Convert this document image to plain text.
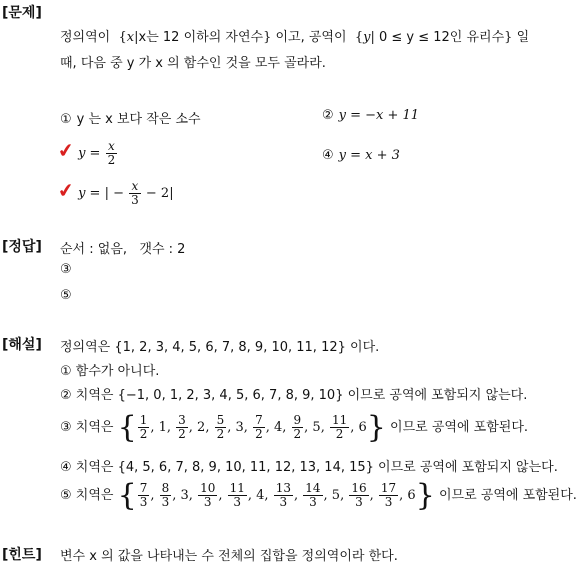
[문제]
정의역이  {x|x는 12 이하의 자연수} 이고, 공역이  {y| 0 ≤ y ≤ 12인 유리수} 일
때, 다음 중 y 가 x 의 함수인 것을 모두 골라라.
① y 는 x 보다 작은 소수	② y = −x + 11
✔ $y = \frac{x}{2}$	④ y = x + 3
✔ y = | − $\frac{x}{3} - 2|$
[정답] 순서 : 없음, 갯수 : 2
③
⑤
[해설] 정의역은 {1, 2, 3, 4, 5, 6, 7, 8, 9, 10, 11, 12} 이다.
① 함수가 아니다.
② 치역은 {−1, 0, 1, 2, 3, 4, 5, 6, 7, 8, 9, 10} 이므로 공역에 포함되지 않는다.
③ 치역은 { $\frac{1}{2}$ , 1, $\frac{3}{2}$ , 2, $\frac{5}{2}$ , 3, $\frac{7}{2}$ , 4, $\frac{9}{2}$ , 5, $\frac{11}{2}$ , 6} 이므로 공역에 포함된다.
④ 치역은 {4, 5, 6, 7, 8, 9, 10, 11, 12, 13, 14, 15} 이므로 공역에 포함되지 않는다.
⑤ 치역은 { $\frac{7}{3}$ , $\frac{8}{3}$ , 3, $\frac{10}{3}$ , $\frac{11}{3}$ , 4, $\frac{13}{3}$ , $\frac{14}{3}$ , 5, $\frac{16}{3}$ , $\frac{17}{3}$ , 6} 이므로 공역에 포함된다.
[힌트] 변수 x 의 값을 나타내는 수 전체의 집합을 정의역이라 한다.
